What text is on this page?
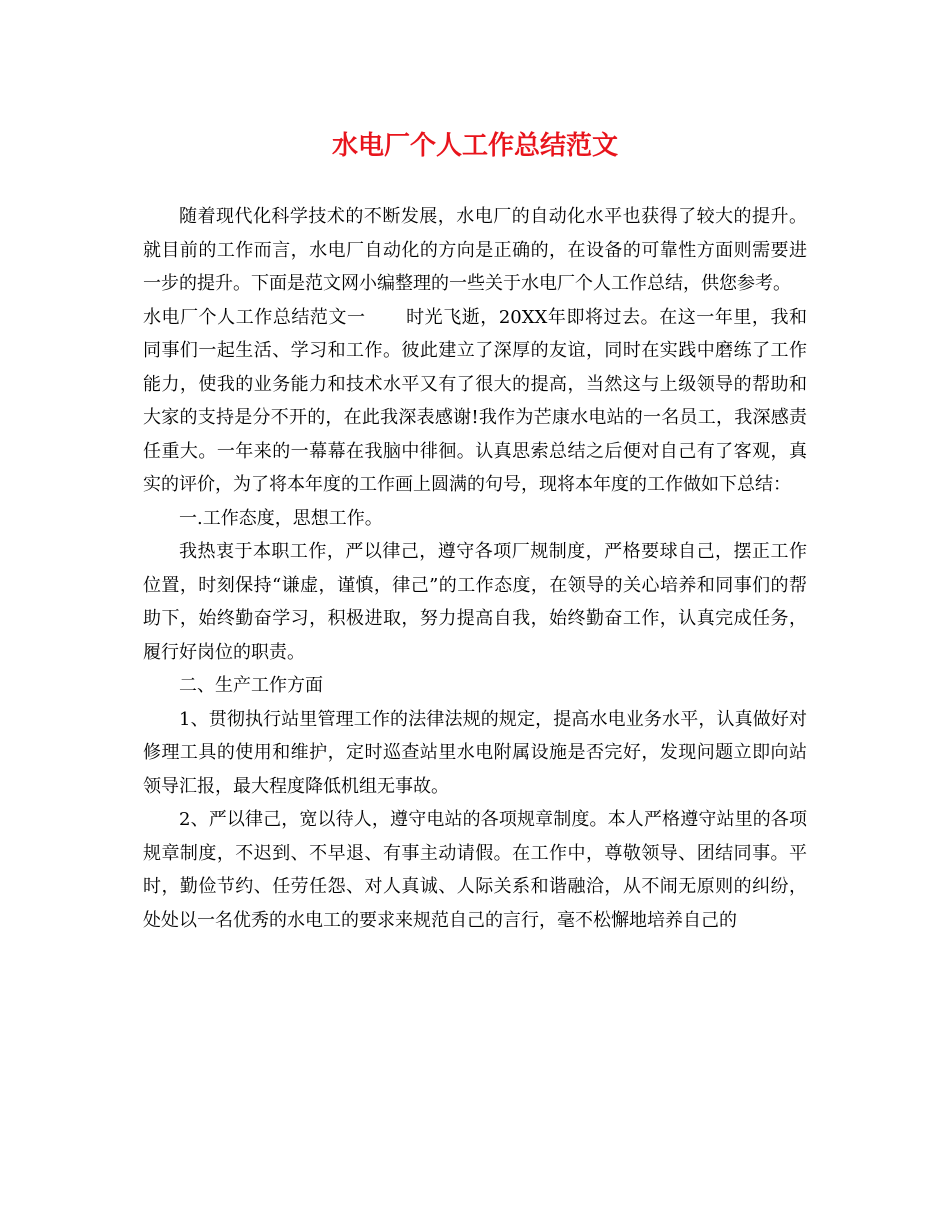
水电厂个人工作总结范文

随着现代化科学技术的不断发展，水电厂的自动化水平也获得了较大的提升。就目前的工作而言，水电厂自动化的方向是正确的，在设备的可靠性方面则需要进一步的提升。下面是范文网小编整理的一些关于水电厂个人工作总结，供您参考。

水电厂个人工作总结范文一 时光飞逝，20XX年即将过去。在这一年里，我和同事们一起生活、学习和工作。彼此建立了深厚的友谊，同时在实践中磨练了工作能力，使我的业务能力和技术水平又有了很大的提高，当然这与上级领导的帮助和大家的支持是分不开的，在此我深表感谢!我作为芒康水电站的一名员工，我深感责任重大。一年来的一幕幕在我脑中徘徊。认真思索总结之后便对自己有了客观，真实的评价，为了将本年度的工作画上圆满的句号，现将本年度的工作做如下总结：

一.工作态度，思想工作。

我热衷于本职工作，严以律己，遵守各项厂规制度，严格要球自己，摆正工作位置，时刻保持“谦虚，谨慎，律己”的工作态度，在领导的关心培养和同事们的帮助下，始终勤奋学习，积极进取，努力提高自我，始终勤奋工作，认真完成任务，履行好岗位的职责。

二、生产工作方面

1、贯彻执行站里管理工作的法律法规的规定，提高水电业务水平，认真做好对修理工具的使用和维护，定时巡查站里水电附属设施是否完好，发现问题立即向站领导汇报，最大程度降低机组无事故。

2、严以律己，宽以待人，遵守电站的各项规章制度。本人严格遵守站里的各项规章制度，不迟到、不早退、有事主动请假。在工作中，尊敬领导、团结同事。平时，勤俭节约、任劳任怨、对人真诚、人际关系和谐融洽，从不闹无原则的纠纷，处处以一名优秀的水电工的要求来规范自己的言行，毫不松懈地培养自己的
